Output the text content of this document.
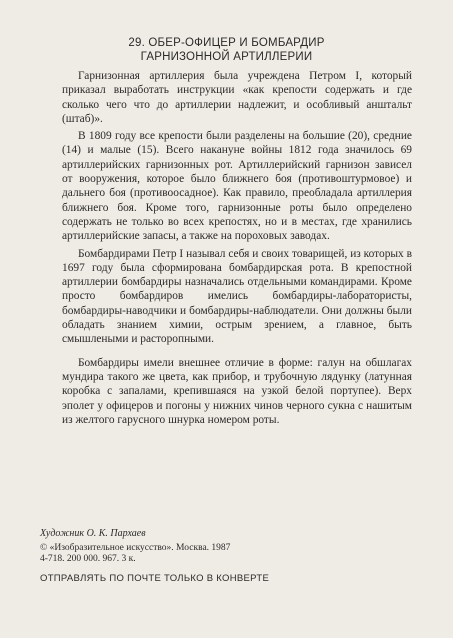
29. ОБЕР-ОФИЦЕР И БОМБАРДИР
ГАРНИЗОННОЙ АРТИЛЛЕРИИ

Гарнизонная артиллерия была учреждена Петром I, который приказал выработать инструкции «как крепости содержать и где сколько чего что до артиллерии надлежит, и особливый анштальт (штаб)».

В 1809 году все крепости были разделены на большие (20), средние (14) и малые (15). Всего накануне войны 1812 года значилось 69 артиллерийских гарнизонных рот. Артиллерийский гарнизон зависел от вооружения, которое было ближнего боя (противоштурмовое) и дальнего боя (противоосадное). Как правило, преобладала артиллерия ближнего боя. Кроме того, гарнизонные роты было определено содержать не только во всех крепостях, но и в местах, где хранились артиллерийские запасы, а также на пороховых заводах.

Бомбардирами Петр I называл себя и своих товарищей, из которых в 1697 году была сформирована бомбардирская рота. В крепостной артиллерии бомбардиры назначались отдельными командирами. Кроме просто бомбардиров имелись бомбардиры-лаборатористы, бомбардиры-наводчики и бомбардиры-наблюдатели. Они должны были обладать знанием химии, острым зрением, а главное, быть смышлеными и расторопными.

Бомбардиры имели внешнее отличие в форме: галун на обшлагах мундира такого же цвета, как прибор, и трубочную лядунку (латунная коробка с запалами, крепившаяся на узкой белой портупее). Верх эполет у офицеров и погоны у нижних чинов черного сукна с нашитым из желтого гарусного шнурка номером роты.

Художник О. К. Пархаев
© «Изобразительное искусство». Москва. 1987
4-718. 200 000. 967. 3 к.
ОТПРАВЛЯТЬ ПО ПОЧТЕ ТОЛЬКО В КОНВЕРТЕ
